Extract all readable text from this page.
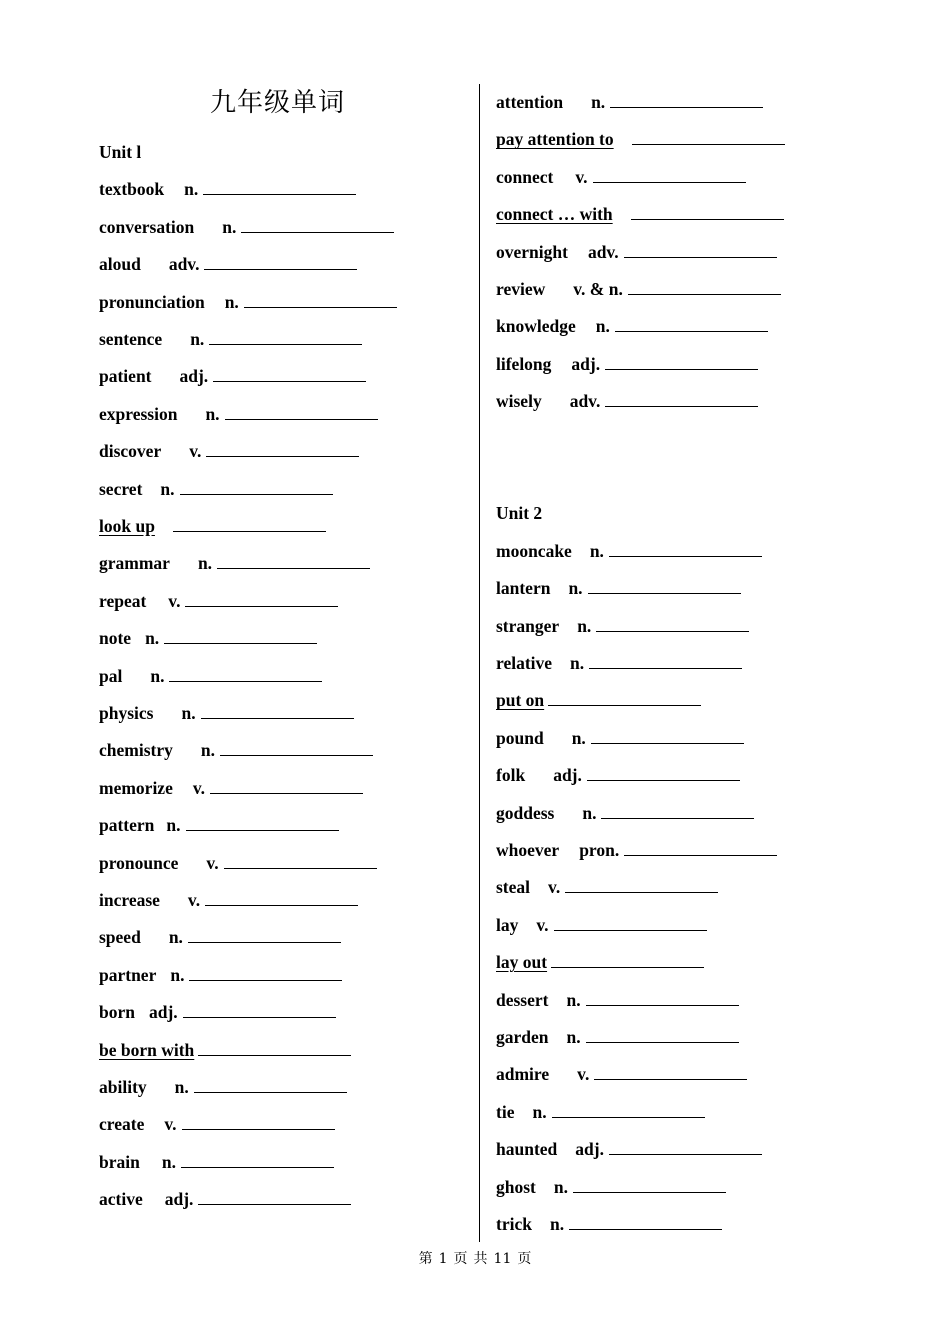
九年级单词
Unit l
textbook n.
conversation n.
aloud adv.
pronunciation n.
sentence n.
patient adj.
expression n.
discover v.
secret n.
look up
grammar n.
repeat v.
note n.
pal n.
physics n.
chemistry n.
memorize v.
pattern n.
pronounce v.
increase v.
speed n.
partner n.
born adj.
be born with
ability n.
create v.
brain n.
active adj.
attention n.
pay attention to
connect v.
connect … with
overnight adv.
review v. & n.
knowledge n.
lifelong adj.
wisely adv.
Unit 2
mooncake n.
lantern n.
stranger n.
relative n.
put on
pound n.
folk adj.
goddess n.
whoever pron.
steal v.
lay v.
lay out
dessert n.
garden n.
admire v.
tie n.
haunted adj.
ghost n.
trick n.
第 1 页 共 11 页
